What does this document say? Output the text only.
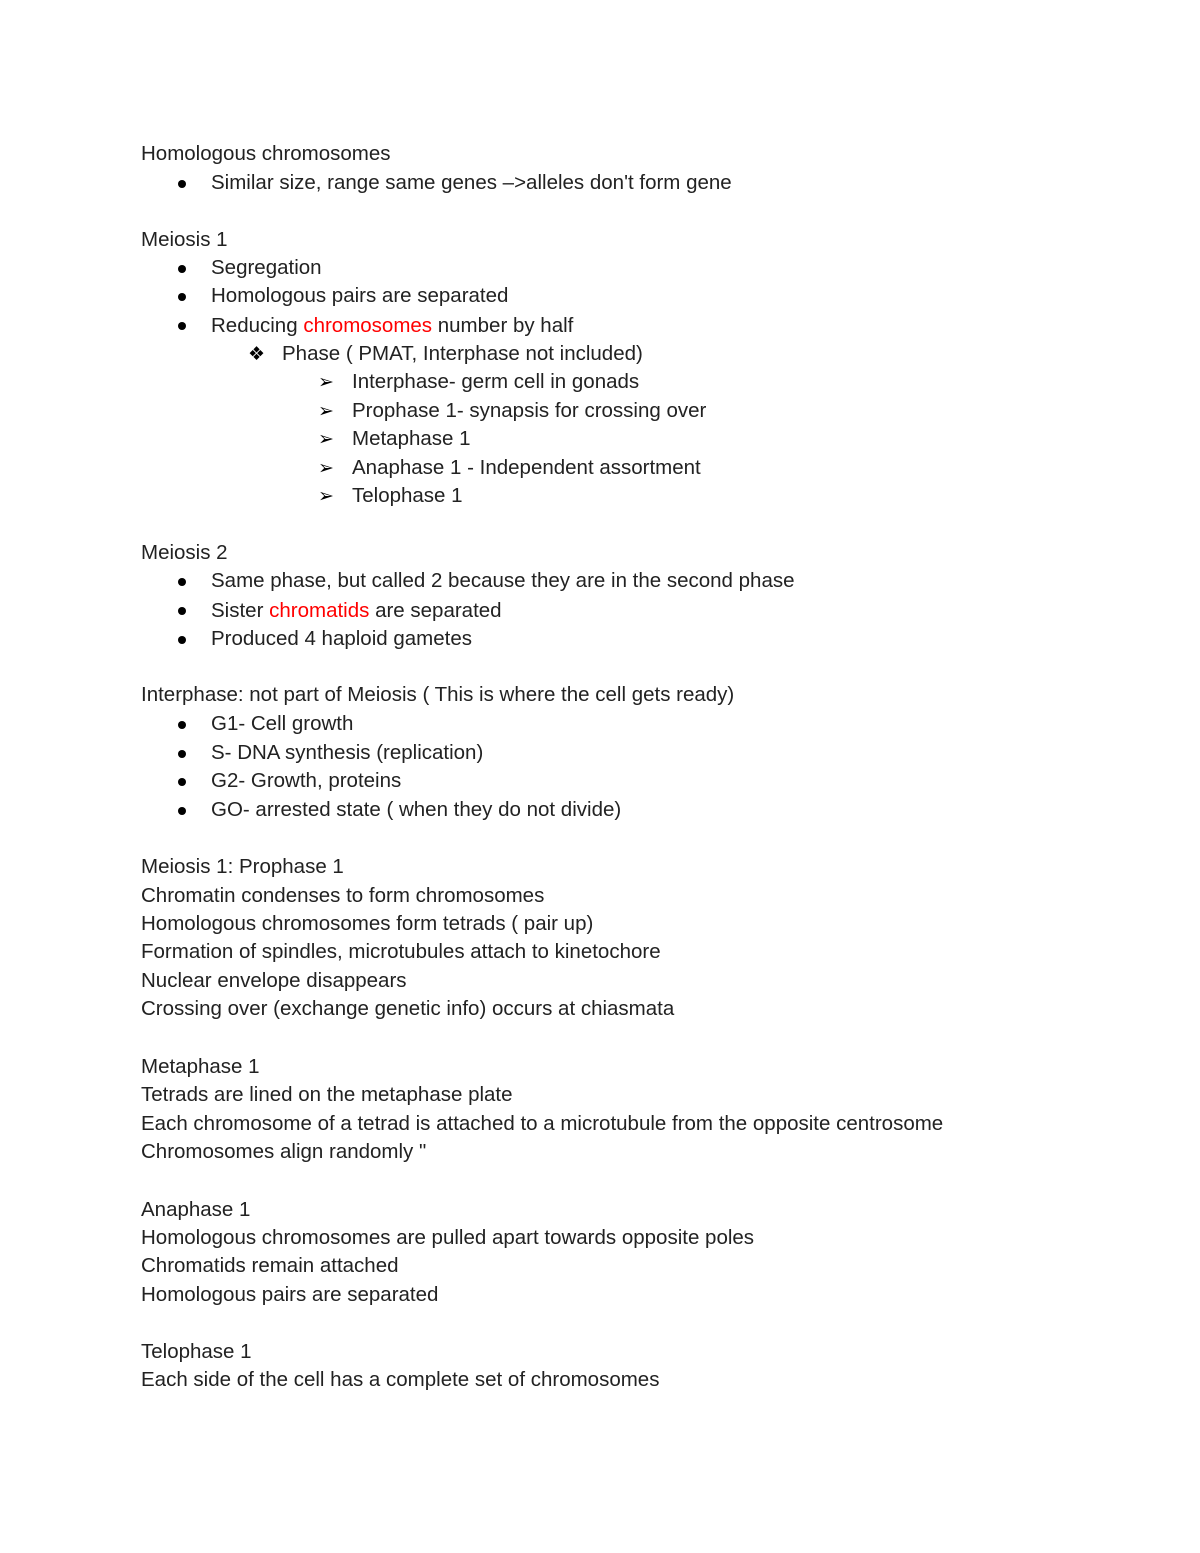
Homologous chromosomes
Similar size, range same genes –>alleles don't form gene
Meiosis 1
Segregation
Homologous pairs are separated
Reducing chromosomes number by half
❖ Phase ( PMAT, Interphase not included)
➢ Interphase- germ cell in gonads
➢ Prophase 1- synapsis for crossing over
➢ Metaphase 1
➢ Anaphase 1 - Independent assortment
➢ Telophase 1
Meiosis 2
Same phase, but called 2 because they are in the second phase
Sister chromatids are separated
Produced 4 haploid gametes
Interphase: not part of Meiosis ( This is where the cell gets ready)
G1- Cell growth
S- DNA synthesis (replication)
G2- Growth, proteins
GO- arrested state ( when they do not divide)
Meiosis 1: Prophase 1
Chromatin condenses to form chromosomes
Homologous chromosomes form tetrads ( pair up)
Formation of spindles, microtubules attach to kinetochore
Nuclear envelope disappears
Crossing over (exchange genetic info) occurs at chiasmata
Metaphase 1
Tetrads are lined on the metaphase plate
Each chromosome of a tetrad is attached to a microtubule from the opposite centrosome
Chromosomes align randomly "
Anaphase 1
Homologous chromosomes are pulled apart towards opposite poles
Chromatids remain attached
Homologous pairs are separated
Telophase 1
Each side of the cell has a complete set of chromosomes
